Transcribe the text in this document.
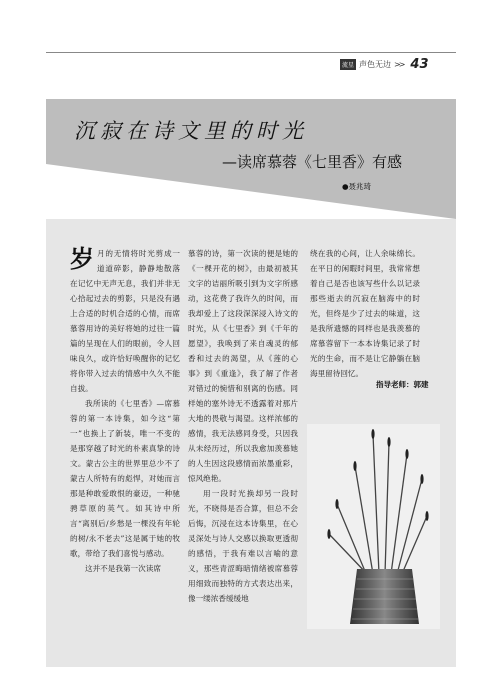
流星 声色无边 >> 43
沉寂在诗文里的时光
—读席慕蓉《七里香》有感
●聂兆琦

岁月的无情将时光剪成一道道碎影，静静地散落在记忆中无声无息，我们并非无心拾起过去的剪影，只是没有遇上合适的时机合适的心情，而席慕蓉用诗的美好将她的过往一篇篇的呈现在人们的眼前，令人回味良久，或许恰好唤醒你的记忆将你带入过去的情感中久久不能自拔。

我所读的《七里香》—席慕蓉的第一本诗集，如今这“第一”也换上了新装，唯一不变的是那穿越了时光的朴素真挚的诗文。蒙古公主的世界里总少不了蒙古人所特有的彪悍，对她而言那是种敢爱敢恨的豪迈，一种驰骋草原的英气。如其诗中所言“离别后/乡愁是一棵没有年轮的树/永不老去”这是属于她的牧歌，带给了我们喜悦与感动。

这并不是我第一次读席

慕蓉的诗，第一次读的便是她的《一棵开花的树》，由最初被其文字的诘丽所吸引到为文字所感动，这花费了我许久的时间，而我却爱上了这段深深浸入诗文的时光，从《七里香》到《千年的愿望》，我唤到了来自魂灵的郁香和过去的渴望，从《莲的心事》到《重逢》，我了解了作者对错过的惋惜和别离的伤感。同样她的塞外诗无不透露着对那片大地的畏敬与渴望。这样浓郁的感情，我无法感同身受，只因我从未经历过，所以我愈加羡慕她的人生因这段感情而浓墨重彩，惊风绝艳。

用一段时光换却另一段时光，不晓得是否合算，但总不会后悔，沉浸在这本诗集里，在心灵深处与诗人交感以换取更透彻的感悟，于我有难以言喻的意义，那些青涩晦暗情绪被席慕蓉用细致而独特的方式表达出来，像一缕浓香缓缓地

绕在我的心间，让人余味绵长。在平日的闲暇时间里，我常常想着自己是否也该写些什么以记录那些逝去的沉寂在脑海中的时光，但终是少了过去的味道，这是我所遗憾的同样也是我羡慕的席慕蓉留下一本本诗集记录了时光的生命，而不是让它静躺在脑海里留待回忆。

指导老师：郭建
